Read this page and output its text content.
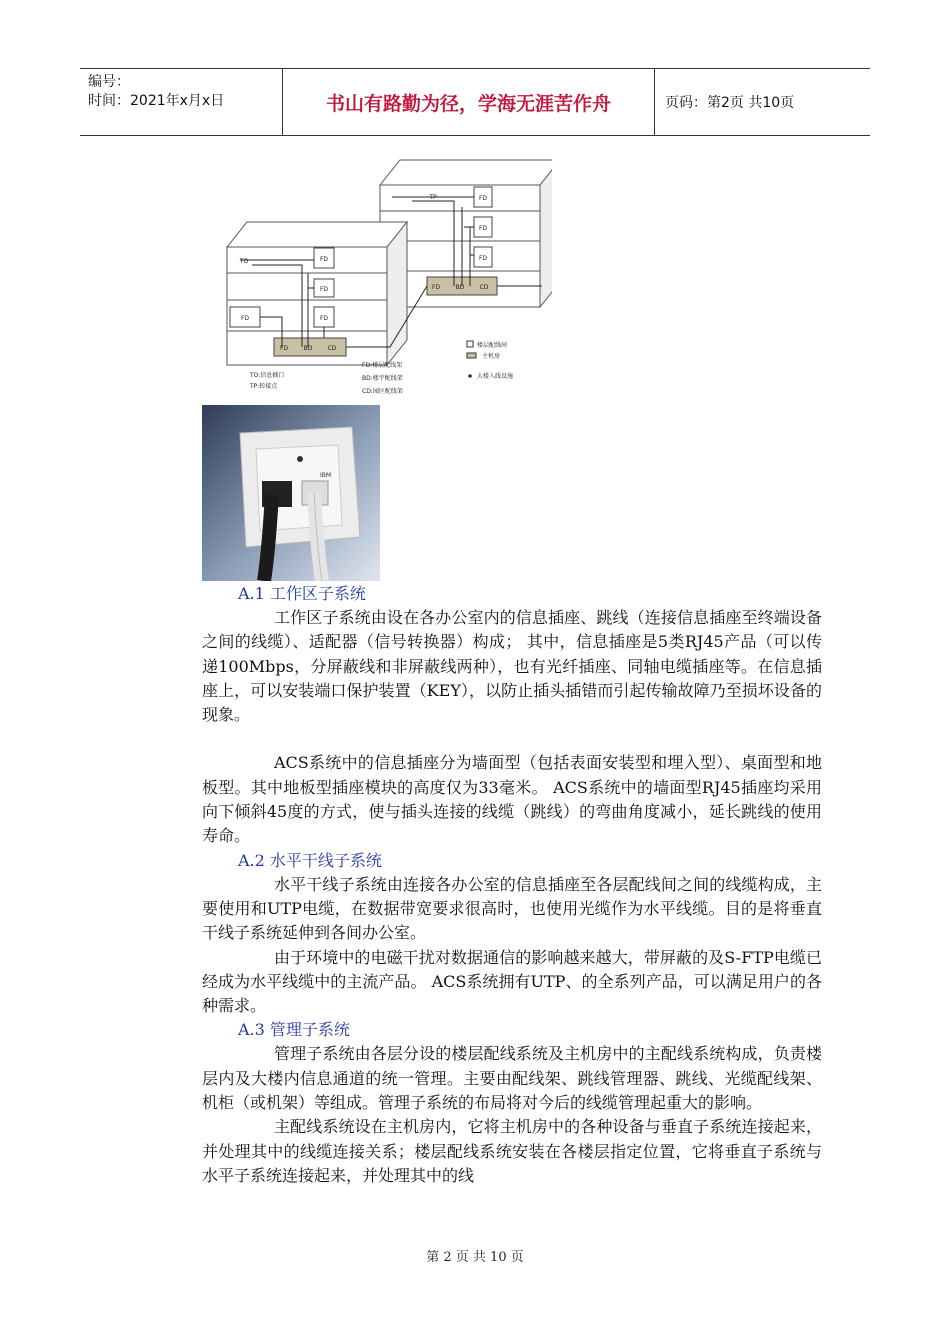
编号：
时间：2021年x月x日	书山有路勤为径，学海无涯苦作舟	页码：第2页 共10页
FD
FD
FD
FD
FD	BD	CD
FD
FD
FD
FD	BD	CD
TP
TO
TO:信息插口
TP:转接点
FD:楼层配线架
BD:楼宇配线架
CD:园区配线架
楼层配线间
主机房
大楼入线设施
IBM
A.1 工作区子系统

工作区子系统由设在各办公室内的信息插座、跳线（连接信息插座至终端设备之间的线缆）、适配器（信号转换器）构成； 其中，信息插座是5类RJ45产品（可以传递100Mbps，分屏蔽线和非屏蔽线两种），也有光纤插座、同轴电缆插座等。在信息插座上，可以安装端口保护装置（KEY），以防止插头插错而引起传输故障乃至损坏设备的现象。

ACS系统中的信息插座分为墙面型（包括表面安装型和埋入型）、桌面型和地板型。其中地板型插座模块的高度仅为33毫米。 ACS系统中的墙面型RJ45插座均采用向下倾斜45度的方式，使与插头连接的线缆（跳线）的弯曲角度减小，延长跳线的使用寿命。

A.2 水平干线子系统

水平干线子系统由连接各办公室的信息插座至各层配线间之间的线缆构成，主要使用和UTP电缆，在数据带宽要求很高时，也使用光缆作为水平线缆。目的是将垂直干线子系统延伸到各间办公室。

由于环境中的电磁干扰对数据通信的影响越来越大，带屏蔽的及S-FTP电缆已经成为水平线缆中的主流产品。 ACS系统拥有UTP、的全系列产品，可以满足用户的各种需求。

A.3 管理子系统

管理子系统由各层分设的楼层配线系统及主机房中的主配线系统构成，负责楼层内及大楼内信息通道的统一管理。主要由配线架、跳线管理器、跳线、光缆配线架、机柜（或机架）等组成。管理子系统的布局将对今后的线缆管理起重大的影响。

主配线系统设在主机房内，它将主机房中的各种设备与垂直子系统连接起来，并处理其中的线缆连接关系；楼层配线系统安装在各楼层指定位置，它将垂直子系统与水平子系统连接起来，并处理其中的线

第 2 页 共 10 页
